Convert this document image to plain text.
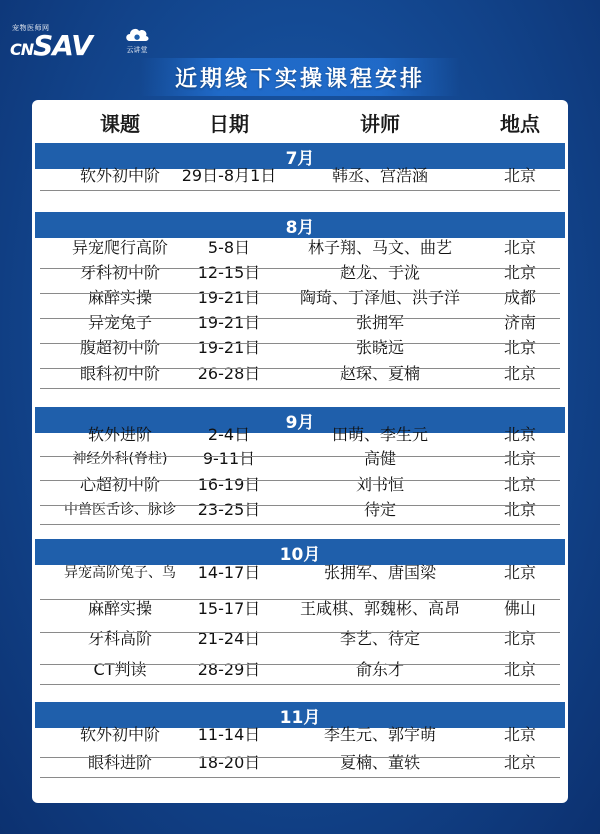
宠物医师网
CNSAV	●
云讲堂
近期线下实操课程安排
课题	日期	讲师	地点
7月
软外初中阶 29日-8月1日	韩丞、宫浩涵	北京
8月
异宠爬行高阶 5-8日	林子翔、马文、曲艺	北京
牙科初中阶 12-15日	赵龙、于泷	北京
麻醉实操	19-21日 陶琦、丁泽旭、洪子洋	成都
异宠兔子	19-21日	张拥军	济南
腹超初中阶 19-21日	张晓远	北京
眼科初中阶 26-28日	赵琛、夏楠	北京
9月
软外进阶	2-4日	田萌、李生元	北京
神经外科(脊柱) 9-11日	高健	北京
心超初中阶 16-19日	刘书恒	北京
中兽医舌诊、脉诊 23-25日	待定	北京
10月
异宠高阶兔子、鸟 14-17日	张拥军、唐国梁	北京
麻醉实操	15-17日 王咸棋、郭魏彬、高昂	佛山
牙科高阶	21-24日	李艺、待定	北京
CT判读	28-29日	俞东才	北京
11月
软外初中阶 11-14日	李生元、郭宇萌	北京
眼科进阶	18-20日	夏楠、董轶	北京
